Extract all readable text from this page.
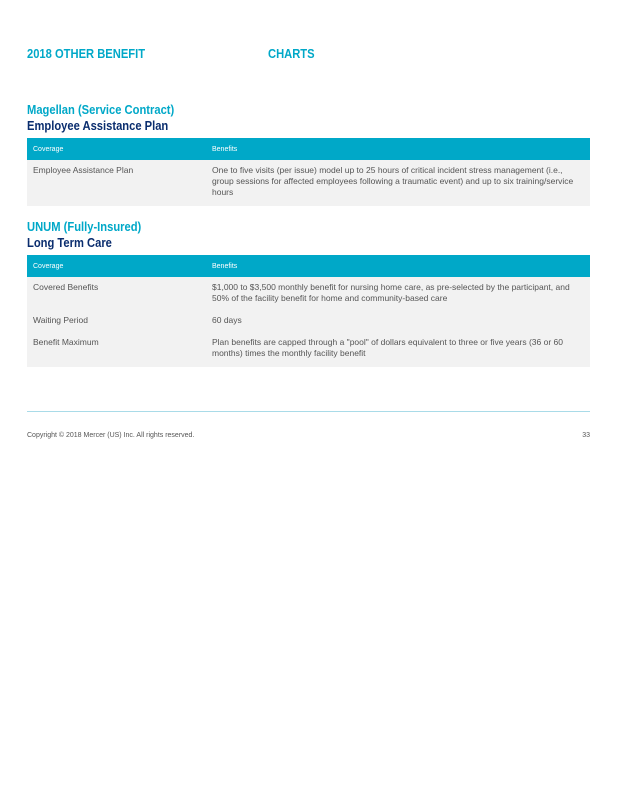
2018 OTHER BENEFIT	CHARTS
Magellan (Service Contract)
Employee Assistance Plan
Coverage	Benefits
Employee Assistance Plan	One to five visits (per issue) model up to 25 hours of critical incident stress management (i.e., group sessions for affected employees following a traumatic event) and up to six training/service hours
UNUM (Fully-Insured)
Long Term Care
Coverage	Benefits
Covered Benefits	$1,000 to $3,500 monthly benefit for nursing home care, as pre-selected by the participant, and 50% of the facility benefit for home and community-based care
Waiting Period	60 days
Benefit Maximum	Plan benefits are capped through a "pool" of dollars equivalent to three or five years (36 or 60 months) times the monthly facility benefit
Copyright © 2018 Mercer (US) Inc. All rights reserved.	33
